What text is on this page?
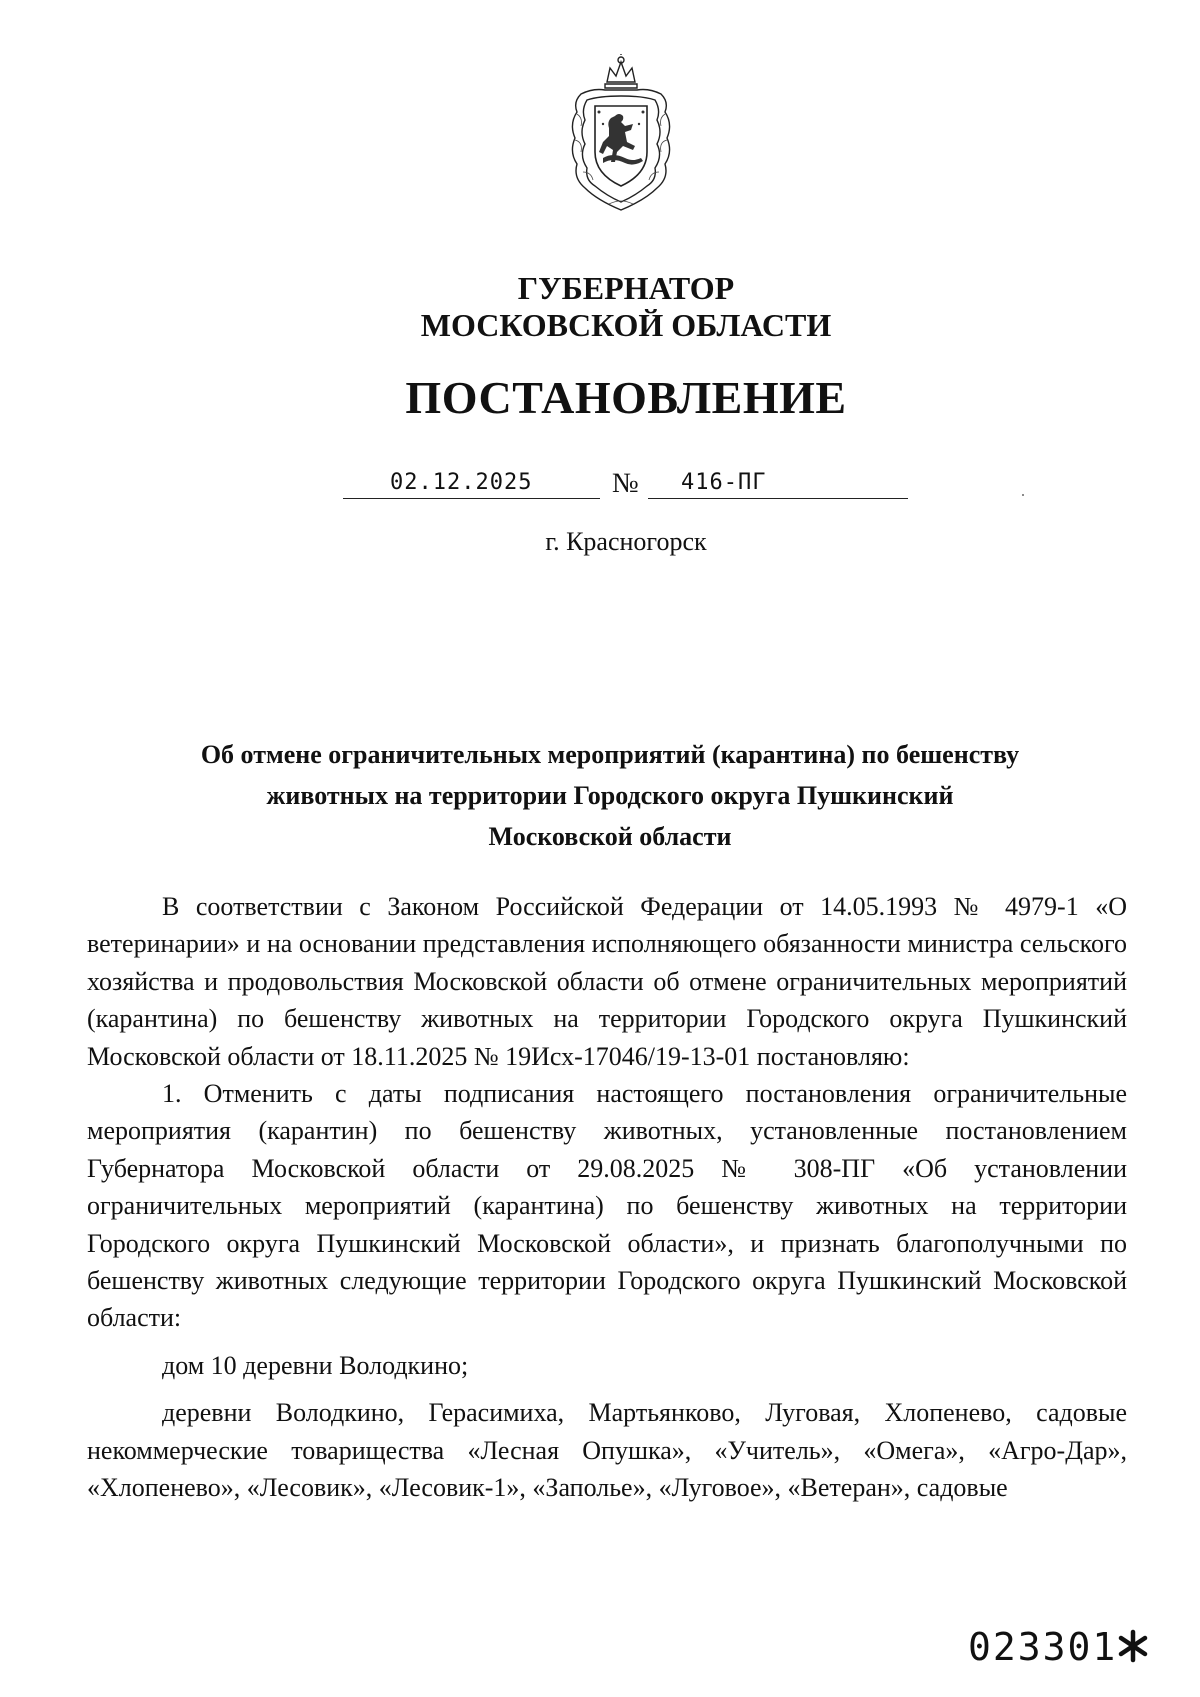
ГУБЕРНАТОР
МОСКОВСКОЙ ОБЛАСТИ
ПОСТАНОВЛЕНИЕ
02.12.2025	№ 416-ПГ
г. Красногорск
Об отмене ограничительных мероприятий (карантина) по бешенству
животных на территории Городского округа Пушкинский
Московской области

В соответствии с Законом Российской Федерации от 14.05.1993 № 4979-1 «О ветеринарии» и на основании представления исполняющего обязанности министра сельского хозяйства и продовольствия Московской области об отмене ограничительных мероприятий (карантина) по бешенству животных на территории Городского округа Пушкинский Московской области от 18.11.2025 № 19Исх-17046/19-13-01 постановляю:

1. Отменить с даты подписания настоящего постановления ограничительные мероприятия (карантин) по бешенству животных, установленные постановлением Губернатора Московской области от 29.08.2025 № 308-ПГ «Об установлении ограничительных мероприятий (карантина) по бешенству животных на территории Городского округа Пушкинский Московской области», и признать благополучными по бешенству животных следующие территории Городского округа Пушкинский Московской области:

дом 10 деревни Володкино;

деревни Володкино, Герасимиха, Мартьянково, Луговая, Хлопенево, садовые некоммерческие товарищества «Лесная Опушка», «Учитель», «Омега», «Агро-Дар», «Хлопенево», «Лесовик», «Лесовик-1», «Заполье», «Луговое», «Ветеран», садовые

023301
